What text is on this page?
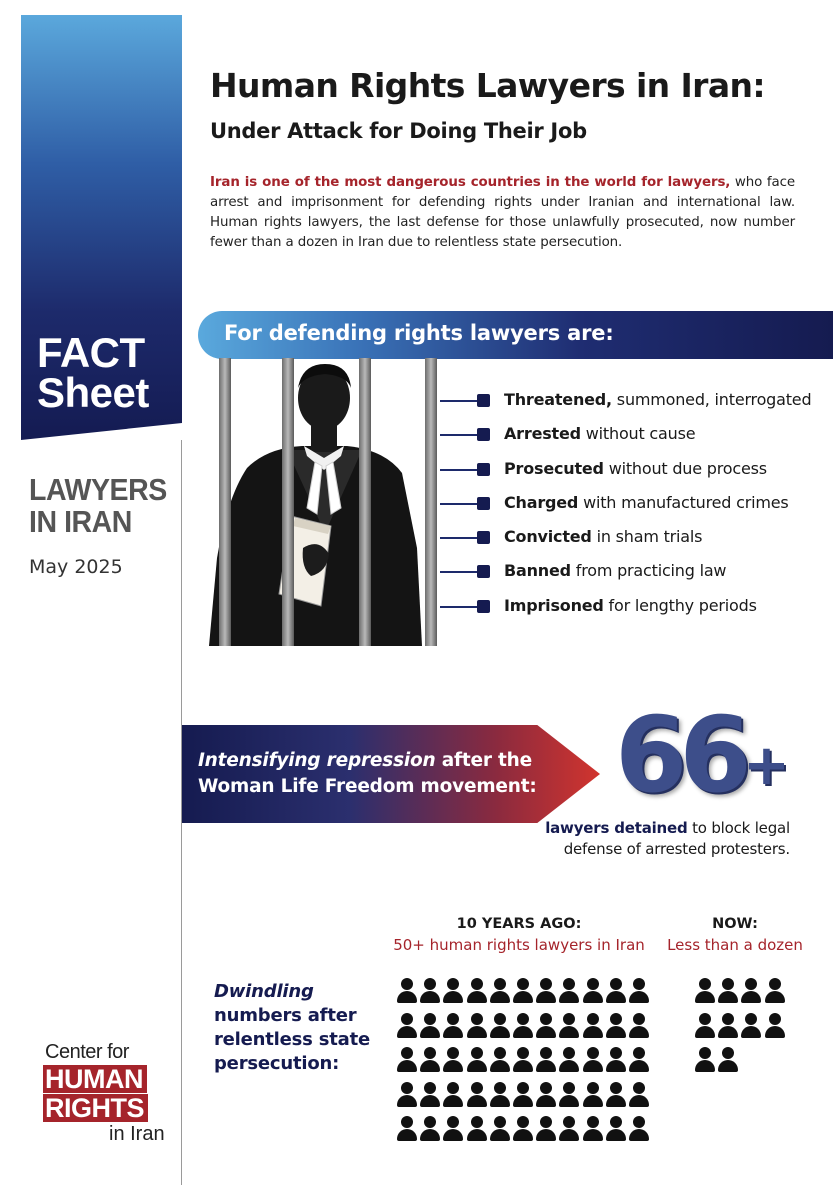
FACT
Sheet
LAWYERS
IN IRAN
May 2025
Center for
HUMAN
RIGHTS
in Iran
Human Rights Lawyers in Iran:
Under Attack for Doing Their Job

Iran is one of the most dangerous countries in the world for lawyers, who face arrest and imprisonment for defending rights under Iranian and international law. Human rights lawyers, the last defense for those unlawfully prosecuted, now number fewer than a dozen in Iran due to relentless state persecution.

For defending rights lawyers are:
Threatened, summoned, interrogated
Arrested without cause
Prosecuted without due process
Charged with manufactured crimes
Convicted in sham trials
Banned from practicing law
Imprisoned for lengthy periods
Intensifying repression after the
Woman Life Freedom movement: 66 +

lawyers detained to block legal defense of arrested protesters.

Dwindling
numbers after relentless state persecution:
10 YEARS AGO:
50+ human rights lawyers in Iran
NOW:
Less than a dozen
